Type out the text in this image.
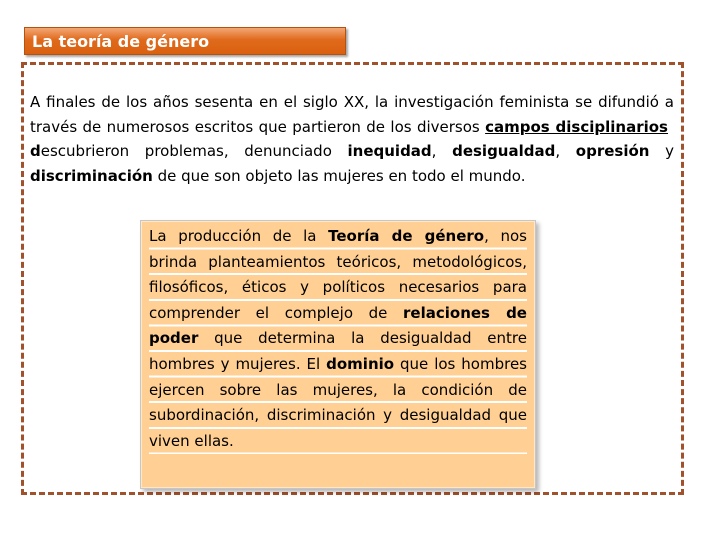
La teoría de género
A finales de los años sesenta en el siglo XX, la investigación feminista se difundió a través de numerosos escritos que partieron de los diversos campos disciplinarios descubrieron problemas, denunciado inequidad, desigualdad, opresión y discriminación de que son objeto las mujeres en todo el mundo.
La producción de la Teoría de género, nos brinda planteamientos teóricos, metodológicos, filosóficos, éticos y políticos necesarios para comprender el complejo de relaciones de poder que determina la desigualdad entre hombres y mujeres. El dominio que los hombres ejercen sobre las mujeres, la condición de subordinación, discriminación y desigualdad que viven ellas.
